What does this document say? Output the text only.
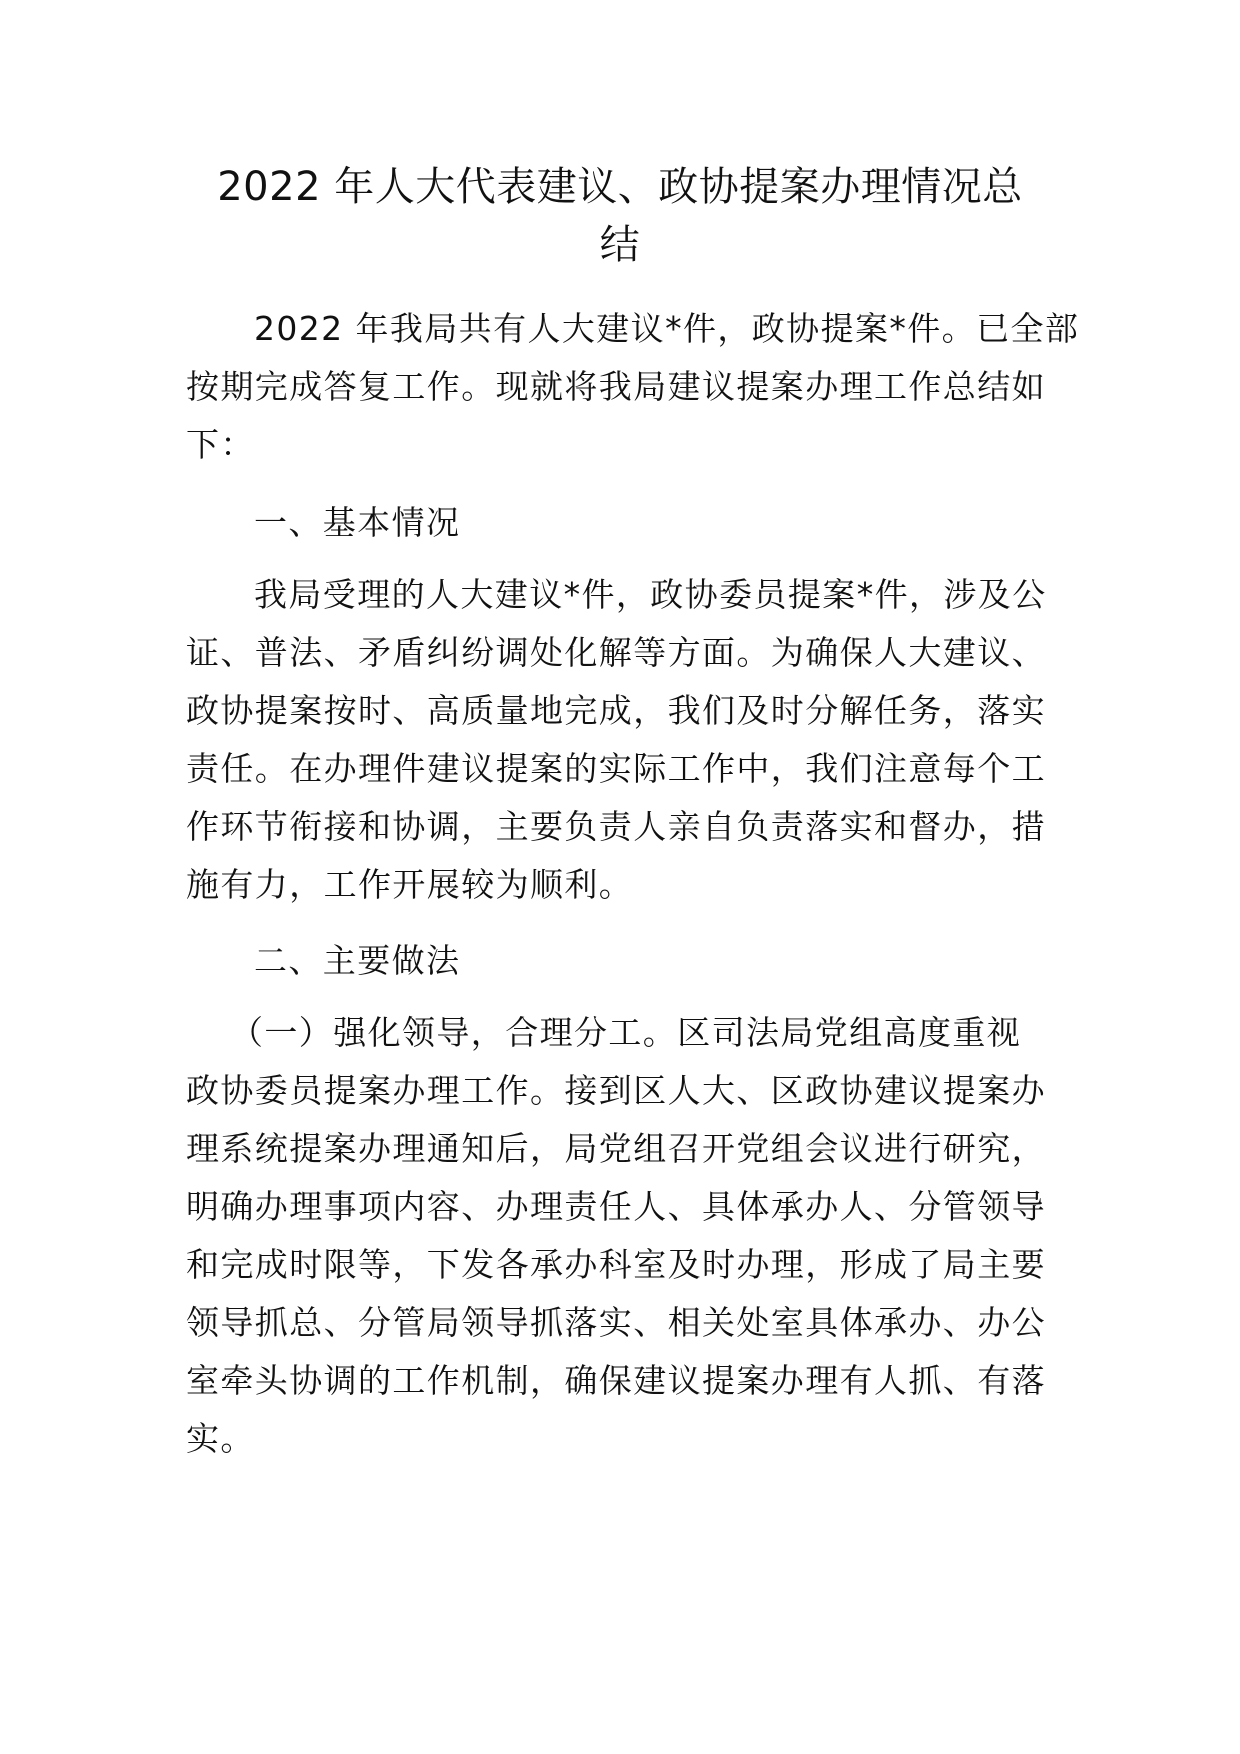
2022 年人大代表建议、政协提案办理情况总
结

2022 年我局共有人大建议*件，政协提案*件。已全部
按期完成答复工作。现就将我局建议提案办理工作总结如
下：

一、基本情况

我局受理的人大建议*件，政协委员提案*件，涉及公
证、普法、矛盾纠纷调处化解等方面。为确保人大建议、
政协提案按时、高质量地完成，我们及时分解任务，落实
责任。在办理件建议提案的实际工作中，我们注意每个工
作环节衔接和协调，主要负责人亲自负责落实和督办，措
施有力，工作开展较为顺利。

二、主要做法

（一）强化领导，合理分工。区司法局党组高度重视
政协委员提案办理工作。接到区人大、区政协建议提案办
理系统提案办理通知后，局党组召开党组会议进行研究，
明确办理事项内容、办理责任人、具体承办人、分管领导
和完成时限等，下发各承办科室及时办理，形成了局主要
领导抓总、分管局领导抓落实、相关处室具体承办、办公
室牵头协调的工作机制，确保建议提案办理有人抓、有落
实。
